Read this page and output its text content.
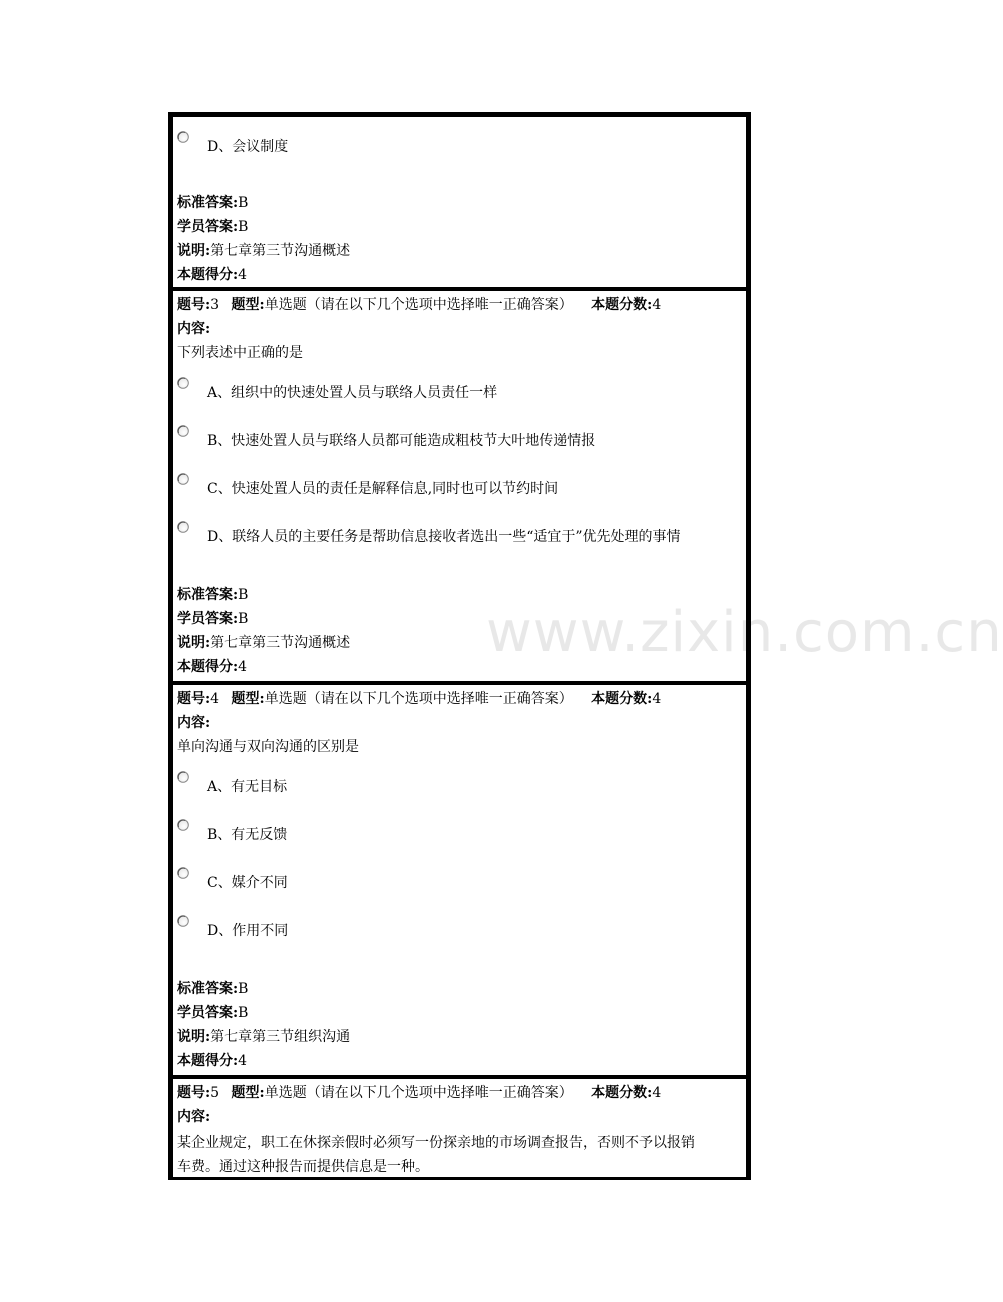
D、会议制度
标准答案:B
学员答案:B
说明:第七章第三节沟通概述
本题得分:4
题号:3 题型:单选题（请在以下几个选项中选择唯一正确答案） 本题分数:4
内容:
下列表述中正确的是
A、组织中的快速处置人员与联络人员责任一样
B、快速处置人员与联络人员都可能造成粗枝节大叶地传递情报
C、快速处置人员的责任是解释信息,同时也可以节约时间
D、联络人员的主要任务是帮助信息接收者选出一些“适宜于”优先处理的事情
标准答案:B
学员答案:B
说明:第七章第三节沟通概述
本题得分:4
题号:4 题型:单选题（请在以下几个选项中选择唯一正确答案） 本题分数:4
内容:
单向沟通与双向沟通的区别是
A、有无目标
B、有无反馈
C、媒介不同
D、作用不同
标准答案:B
学员答案:B
说明:第七章第三节组织沟通
本题得分:4
题号:5 题型:单选题（请在以下几个选项中选择唯一正确答案） 本题分数:4
内容:
某企业规定，职工在休探亲假时必须写一份探亲地的市场调查报告，否则不予以报销
车费。通过这种报告而提供信息是一种。
